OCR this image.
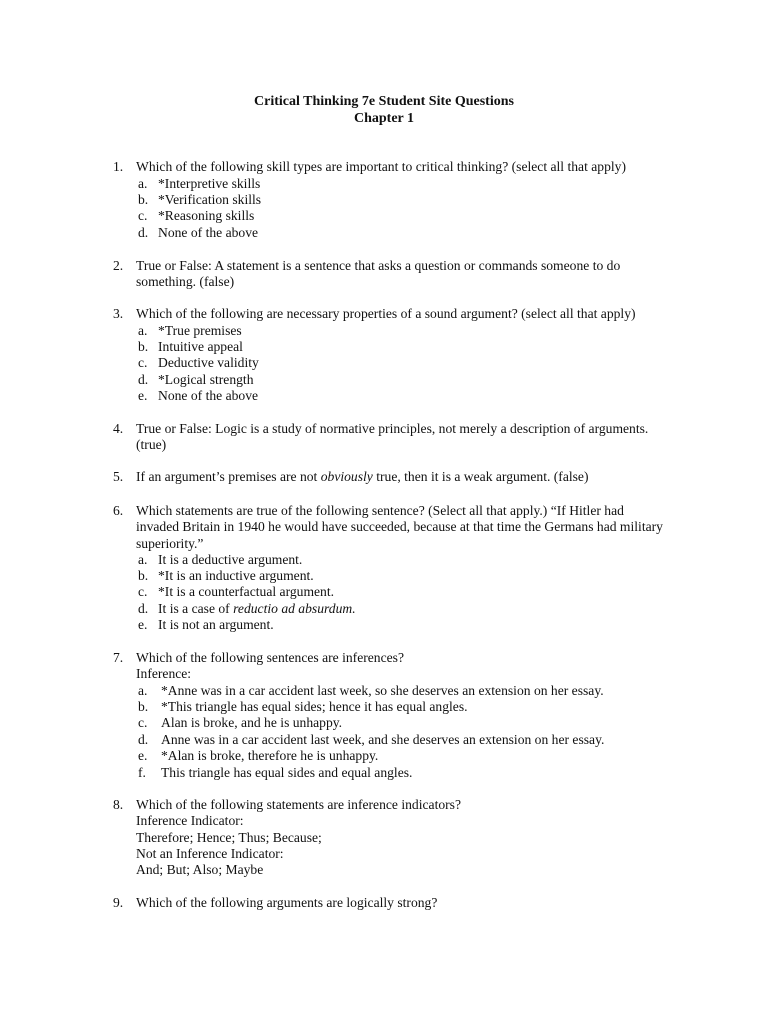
Critical Thinking 7e Student Site Questions
Chapter 1
1. Which of the following skill types are important to critical thinking? (select all that apply)
a. *Interpretive skills
b. *Verification skills
c. *Reasoning skills
d. None of the above
2. True or False: A statement is a sentence that asks a question or commands someone to do
something. (false)
3. Which of the following are necessary properties of a sound argument? (select all that apply)
a. *True premises
b. Intuitive appeal
c. Deductive validity
d. *Logical strength
e. None of the above
4. True or False: Logic is a study of normative principles, not merely a description of arguments.
(true)
5. If an argument’s premises are not obviously true, then it is a weak argument. (false)
6. Which statements are true of the following sentence? (Select all that apply.) “If Hitler had
invaded Britain in 1940 he would have succeeded, because at that time the Germans had military
superiority.”
a. It is a deductive argument.
b. *It is an inductive argument.
c. *It is a counterfactual argument.
d. It is a case of reductio ad absurdum.
e. It is not an argument.
7. Which of the following sentences are inferences?
Inference:
a. *Anne was in a car accident last week, so she deserves an extension on her essay.
b. *This triangle has equal sides; hence it has equal angles.
c. Alan is broke, and he is unhappy.
d. Anne was in a car accident last week, and she deserves an extension on her essay.
e. *Alan is broke, therefore he is unhappy.
f. This triangle has equal sides and equal angles.
8. Which of the following statements are inference indicators?
Inference Indicator:
Therefore; Hence; Thus; Because;
Not an Inference Indicator:
And; But; Also; Maybe
9. Which of the following arguments are logically strong?
